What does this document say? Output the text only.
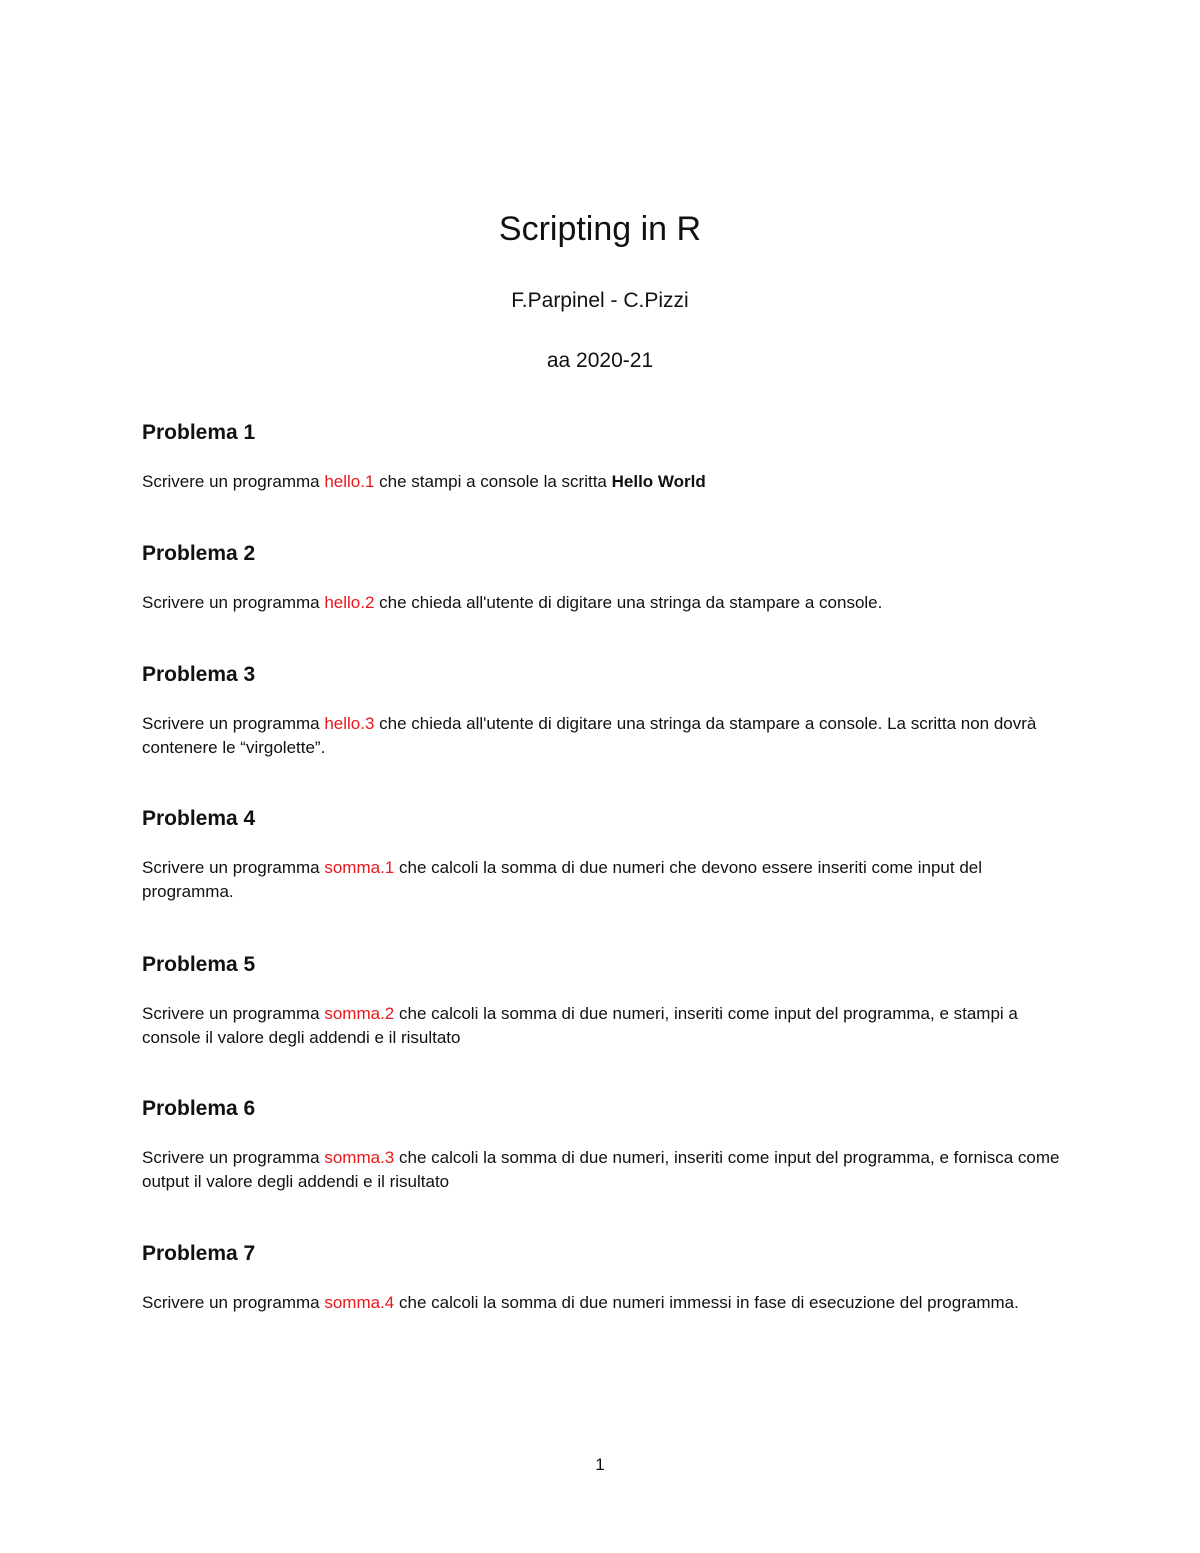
Scripting in R
F.Parpinel - C.Pizzi
aa 2020-21
Problema 1

Scrivere un programma hello.1 che stampi a console la scritta Hello World

Problema 2

Scrivere un programma hello.2 che chieda all'utente di digitare una stringa da stampare a console.

Problema 3

Scrivere un programma hello.3 che chieda all'utente di digitare una stringa da stampare a console. La scritta non dovrà contenere le “virgolette”.

Problema 4

Scrivere un programma somma.1 che calcoli la somma di due numeri che devono essere inseriti come input del programma.

Problema 5

Scrivere un programma somma.2 che calcoli la somma di due numeri, inseriti come input del programma, e stampi a console il valore degli addendi e il risultato

Problema 6

Scrivere un programma somma.3 che calcoli la somma di due numeri, inseriti come input del programma, e fornisca come output il valore degli addendi e il risultato

Problema 7

Scrivere un programma somma.4 che calcoli la somma di due numeri immessi in fase di esecuzione del programma.

1
